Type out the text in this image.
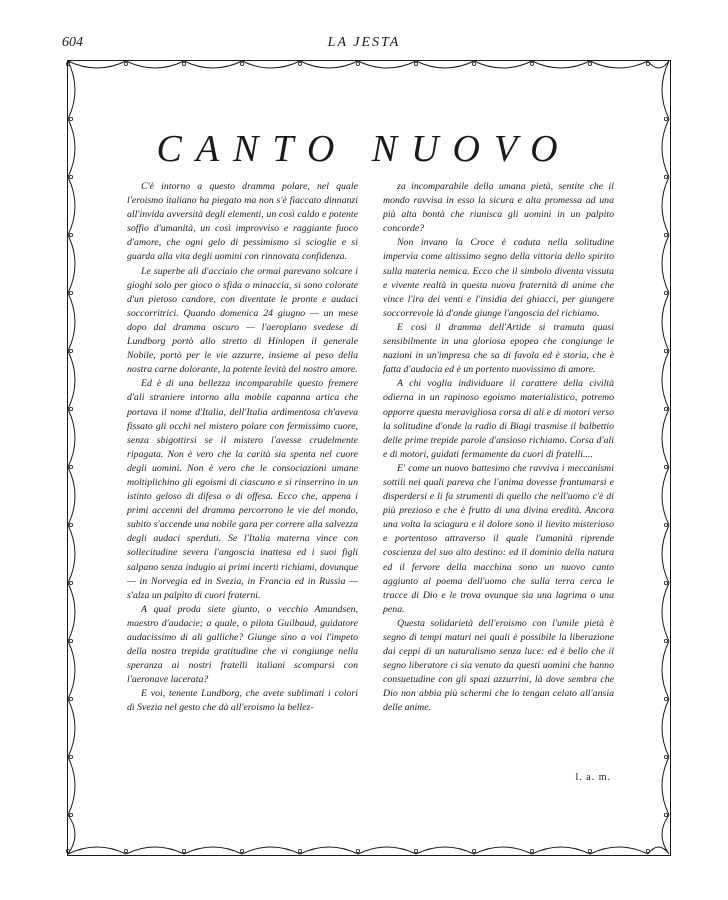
604	LA JESTA
CANTO NUOVO

C'è intorno a questo dramma polare, nel quale l'eroismo italiano ha piegato ma non s'è fiaccato dinnanzi all'invida avversità degli elementi, un così caldo e potente soffio d'umanità, un così improvviso e raggiante fuoco d'amore, che ogni gelo di pessimismo si scioglie e si guarda alla vita degli uomini con rinnovata confidenza.

Le superbe ali d'acciaio che ormai parevano solcare i gioghi solo per gioco o sfida o minaccia, si sono colorate d'un pietoso candore, con diventate le pronte e audaci soccorritrici. Quando domenica 24 giugno — un mese dopo dal dramma oscuro — l'aeroplano svedese di Lundborg portò allo stretto di Hinlopen il generale Nobile, portò per le vie azzurre, insieme al peso della nostra carne dolorante, la potente levità del nostro amore.

Ed è di una bellezza incomparabile questo fremere d'ali straniere intorno alla mobile capanna artica che portava il nome d'Italia, dell'Italia ardimentosa ch'aveva fissato gli occhi nel mistero polare con fermissimo cuore, senza sbigottirsi se il mistero l'avesse crudelmente ripagata. Non è vero che la carità sia spenta nel cuore degli uomini. Non è vero che le consociazioni umane moltiplichino gli egoismi di ciascuno e si rinserrino in un istinto geloso di difesa o di offesa. Ecco che, appena i primi accenni del dramma percorrono le vie del mondo, subito s'accende una nobile gara per correre alla salvezza degli audaci sperduti. Se l'Italia materna vince con sollecitudine severa l'angoscia inattesa ed i suoi figli salpano senza indugio ai primi incerti richiami, dovunque — in Norvegia ed in Svezia, in Francia ed in Russia — s'alza un palpito di cuori fraterni.

A qual proda siete giunto, o vecchio Amundsen, maestro d'audacie; a quale, o pilota Guilbaud, guidatore audacissimo di ali galliche? Giunge sino a voi l'impeto della nostra trepida gratitudine che vi congiunge nella speranza ai nostri fratelli italiani scomparsi con l'aeronave lacerata?

E voi, tenente Lundborg, che avete sublimati i colori di Svezia nel gesto che dà all'eroismo la bellez-

za incomparabile della umana pietà, sentite che il mondo ravvisa in esso la sicura e alta promessa ad una più alta bontà che riunisca gli uomini in un palpito concorde?

Non invano la Croce è caduta nella solitudine impervia come altissimo segno della vittoria dello spirito sulla materia nemica. Ecco che il simbolo diventa vissuta e vivente realtà in questa nuova fraternità di anime che vince l'ira dei venti e l'insidia dei ghiacci, per giungere soccorrevole là d'onde giunge l'angoscia del richiamo.

E così il dramma dell'Artide si tramuta quasi sensibilmente in una gloriosa epopea che congiunge le nazioni in un'impresa che sa di favola ed è storia, che è fatta d'audacia ed è un portento nuovissimo di amore.

A chi voglia individuare il carattere della civiltà odierna in un rapinoso egoismo materialistico, potremo opporre questa meravigliosa corsa di ali e di motori verso la solitudine d'onde la radio di Biagi trasmise il balbettio delle prime trepide parole d'ansioso richiamo. Corsa d'ali e di motori, guidati fermamente da cuori di fratelli....

E' come un nuovo battesimo che ravviva i meccanismi sottili nei quali pareva che l'anima dovesse frantumarsi e disperdersi e li fa strumenti di quello che nell'uomo c'è di più prezioso e che è frutto di una divina eredità. Ancora una volta la sciagura e il dolore sono il lievito misterioso e portentoso attraverso il quale l'umanità riprende coscienza del suo alto destino: ed il dominio della natura ed il fervore della macchina sono un nuovo canto aggiunto al poema dell'uomo che sulla terra cerca le tracce di Dio e le trova ovunque sia una lagrima o una pena.

Questa solidarietà dell'eroismo con l'umile pietà è segno di tempi maturi nei quali è possibile la liberazione dai ceppi di un naturalismo senza luce: ed è bello che il segno liberatore ci sia venuto da questi uomini che hanno consuetudine con gli spazi azzurrini, là dove sembra che Dio non abbia più schermi che lo tengan celato all'ansia delle anime.

l. a. m.
